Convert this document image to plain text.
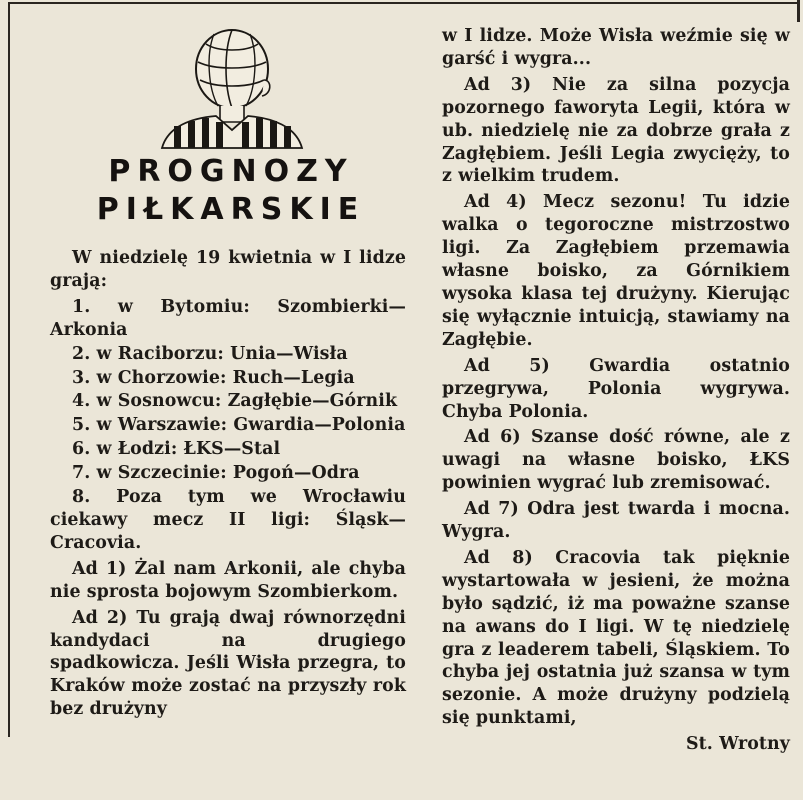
PROGNOZY
PIŁKARSKIE

W niedzielę 19 kwietnia w I lidze grają:

1. w Bytomiu: Szombierki—Arkonia

2. w Raciborzu: Unia—Wisła

3. w Chorzowie: Ruch—Legia

4. w Sosnowcu: Zagłębie—Górnik

5. w Warszawie: Gwardia—Polonia

6. w Łodzi: ŁKS—Stal

7. w Szczecinie: Pogoń—Odra

8. Poza tym we Wrocławiu ciekawy mecz II ligi: Śląsk—Cracovia.

Ad 1) Żal nam Arkonii, ale chyba nie sprosta bojowym Szombierkom.

Ad 2) Tu grają dwaj równorzędni kandydaci na drugiego spadkowicza. Jeśli Wisła przegra, to Kraków może zostać na przyszły rok bez drużyny

w I lidze. Może Wisła weźmie się w garść i wygra...

Ad 3) Nie za silna pozycja pozornego faworyta Legii, która w ub. niedzielę nie za dobrze grała z Zagłębiem. Jeśli Legia zwycięży, to z wielkim trudem.

Ad 4) Mecz sezonu! Tu idzie walka o tegoroczne mistrzostwo ligi. Za Zagłębiem przemawia własne boisko, za Górnikiem wysoka klasa tej drużyny. Kierując się wyłącznie intuicją, stawiamy na Zagłębie.

Ad 5) Gwardia ostatnio przegrywa, Polonia wygrywa. Chyba Polonia.

Ad 6) Szanse dość równe, ale z uwagi na własne boisko, ŁKS powinien wygrać lub zremisować.

Ad 7) Odra jest twarda i mocna. Wygra.

Ad 8) Cracovia tak pięknie wystartowała w jesieni, że można było sądzić, iż ma poważne szanse na awans do I ligi. W tę niedzielę gra z leaderem tabeli, Śląskiem. To chyba jej ostatnia już szansa w tym sezonie. A może drużyny podzielą się punktami,

St. Wrotny
